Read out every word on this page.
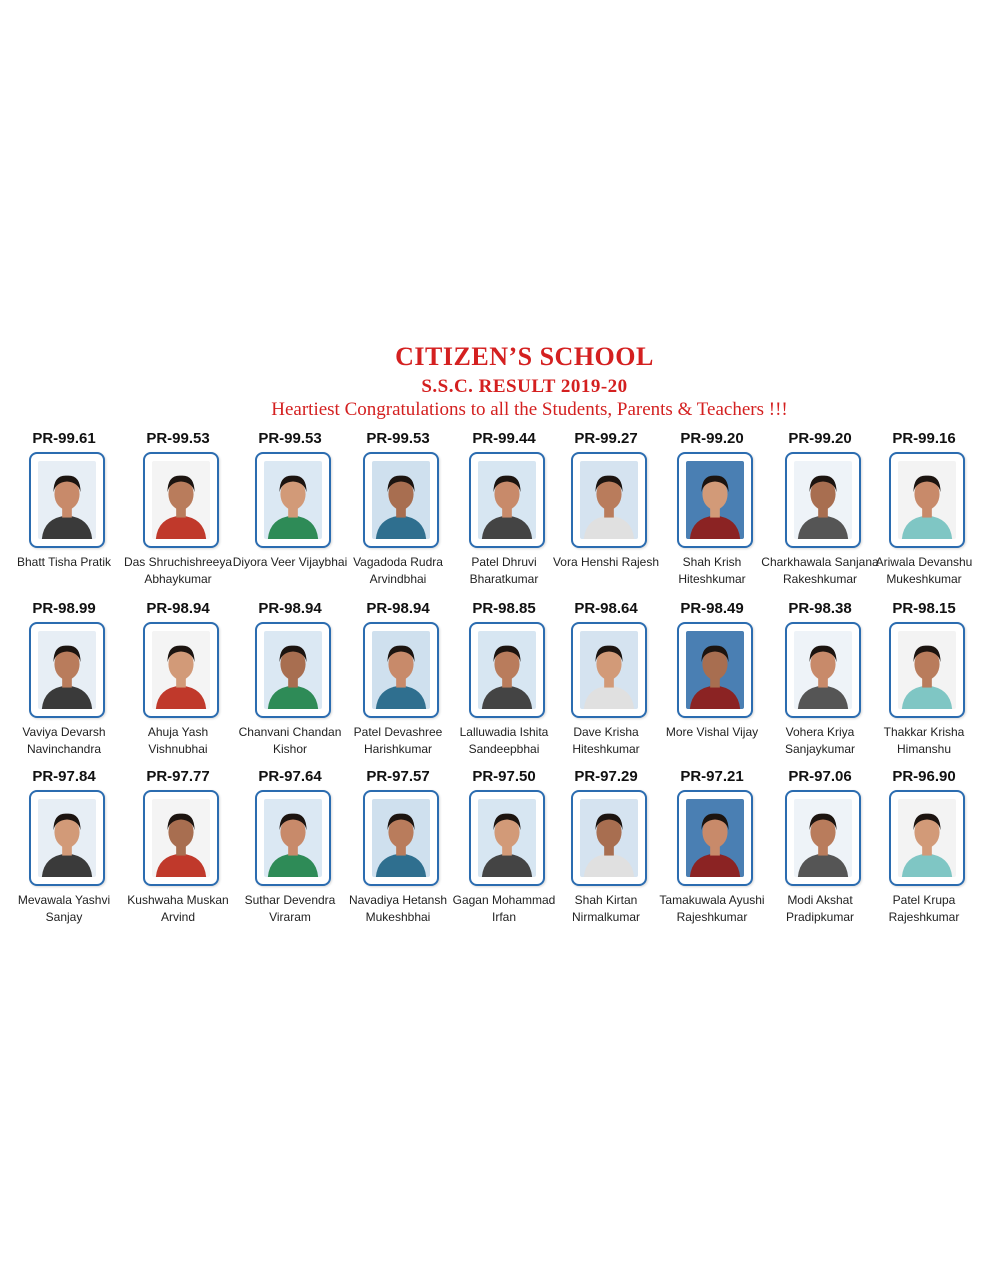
CITIZEN’S SCHOOL
S.S.C. RESULT 2019-20
Heartiest Congratulations to all the Students, Parents & Teachers !!!
PR-99.61
Bhatt Tisha Pratik
PR-99.53
Das Shruchishreeya Abhaykumar
PR-99.53
Diyora Veer Vijaybhai
PR-99.53
Vagadoda Rudra Arvindbhai
PR-99.44
Patel Dhruvi Bharatkumar
PR-99.27
Vora Henshi Rajesh
PR-99.20
Shah Krish Hiteshkumar
PR-99.20
Charkhawala Sanjana Rakeshkumar
PR-99.16
Ariwala Devanshu Mukeshkumar
PR-98.99
Vaviya Devarsh Navinchandra
PR-98.94
Ahuja Yash Vishnubhai
PR-98.94
Chanvani Chandan Kishor
PR-98.94
Patel Devashree Harishkumar
PR-98.85
Lalluwadia Ishita Sandeepbhai
PR-98.64
Dave Krisha Hiteshkumar
PR-98.49
More Vishal Vijay
PR-98.38
Vohera Kriya Sanjaykumar
PR-98.15
Thakkar Krisha Himanshu
PR-97.84
Mevawala Yashvi Sanjay
PR-97.77
Kushwaha Muskan Arvind
PR-97.64
Suthar Devendra Viraram
PR-97.57
Navadiya Hetansh Mukeshbhai
PR-97.50
Gagan Mohammad Irfan
PR-97.29
Shah Kirtan Nirmalkumar
PR-97.21
Tamakuwala Ayushi Rajeshkumar
PR-97.06
Modi Akshat Pradipkumar
PR-96.90
Patel Krupa Rajeshkumar
